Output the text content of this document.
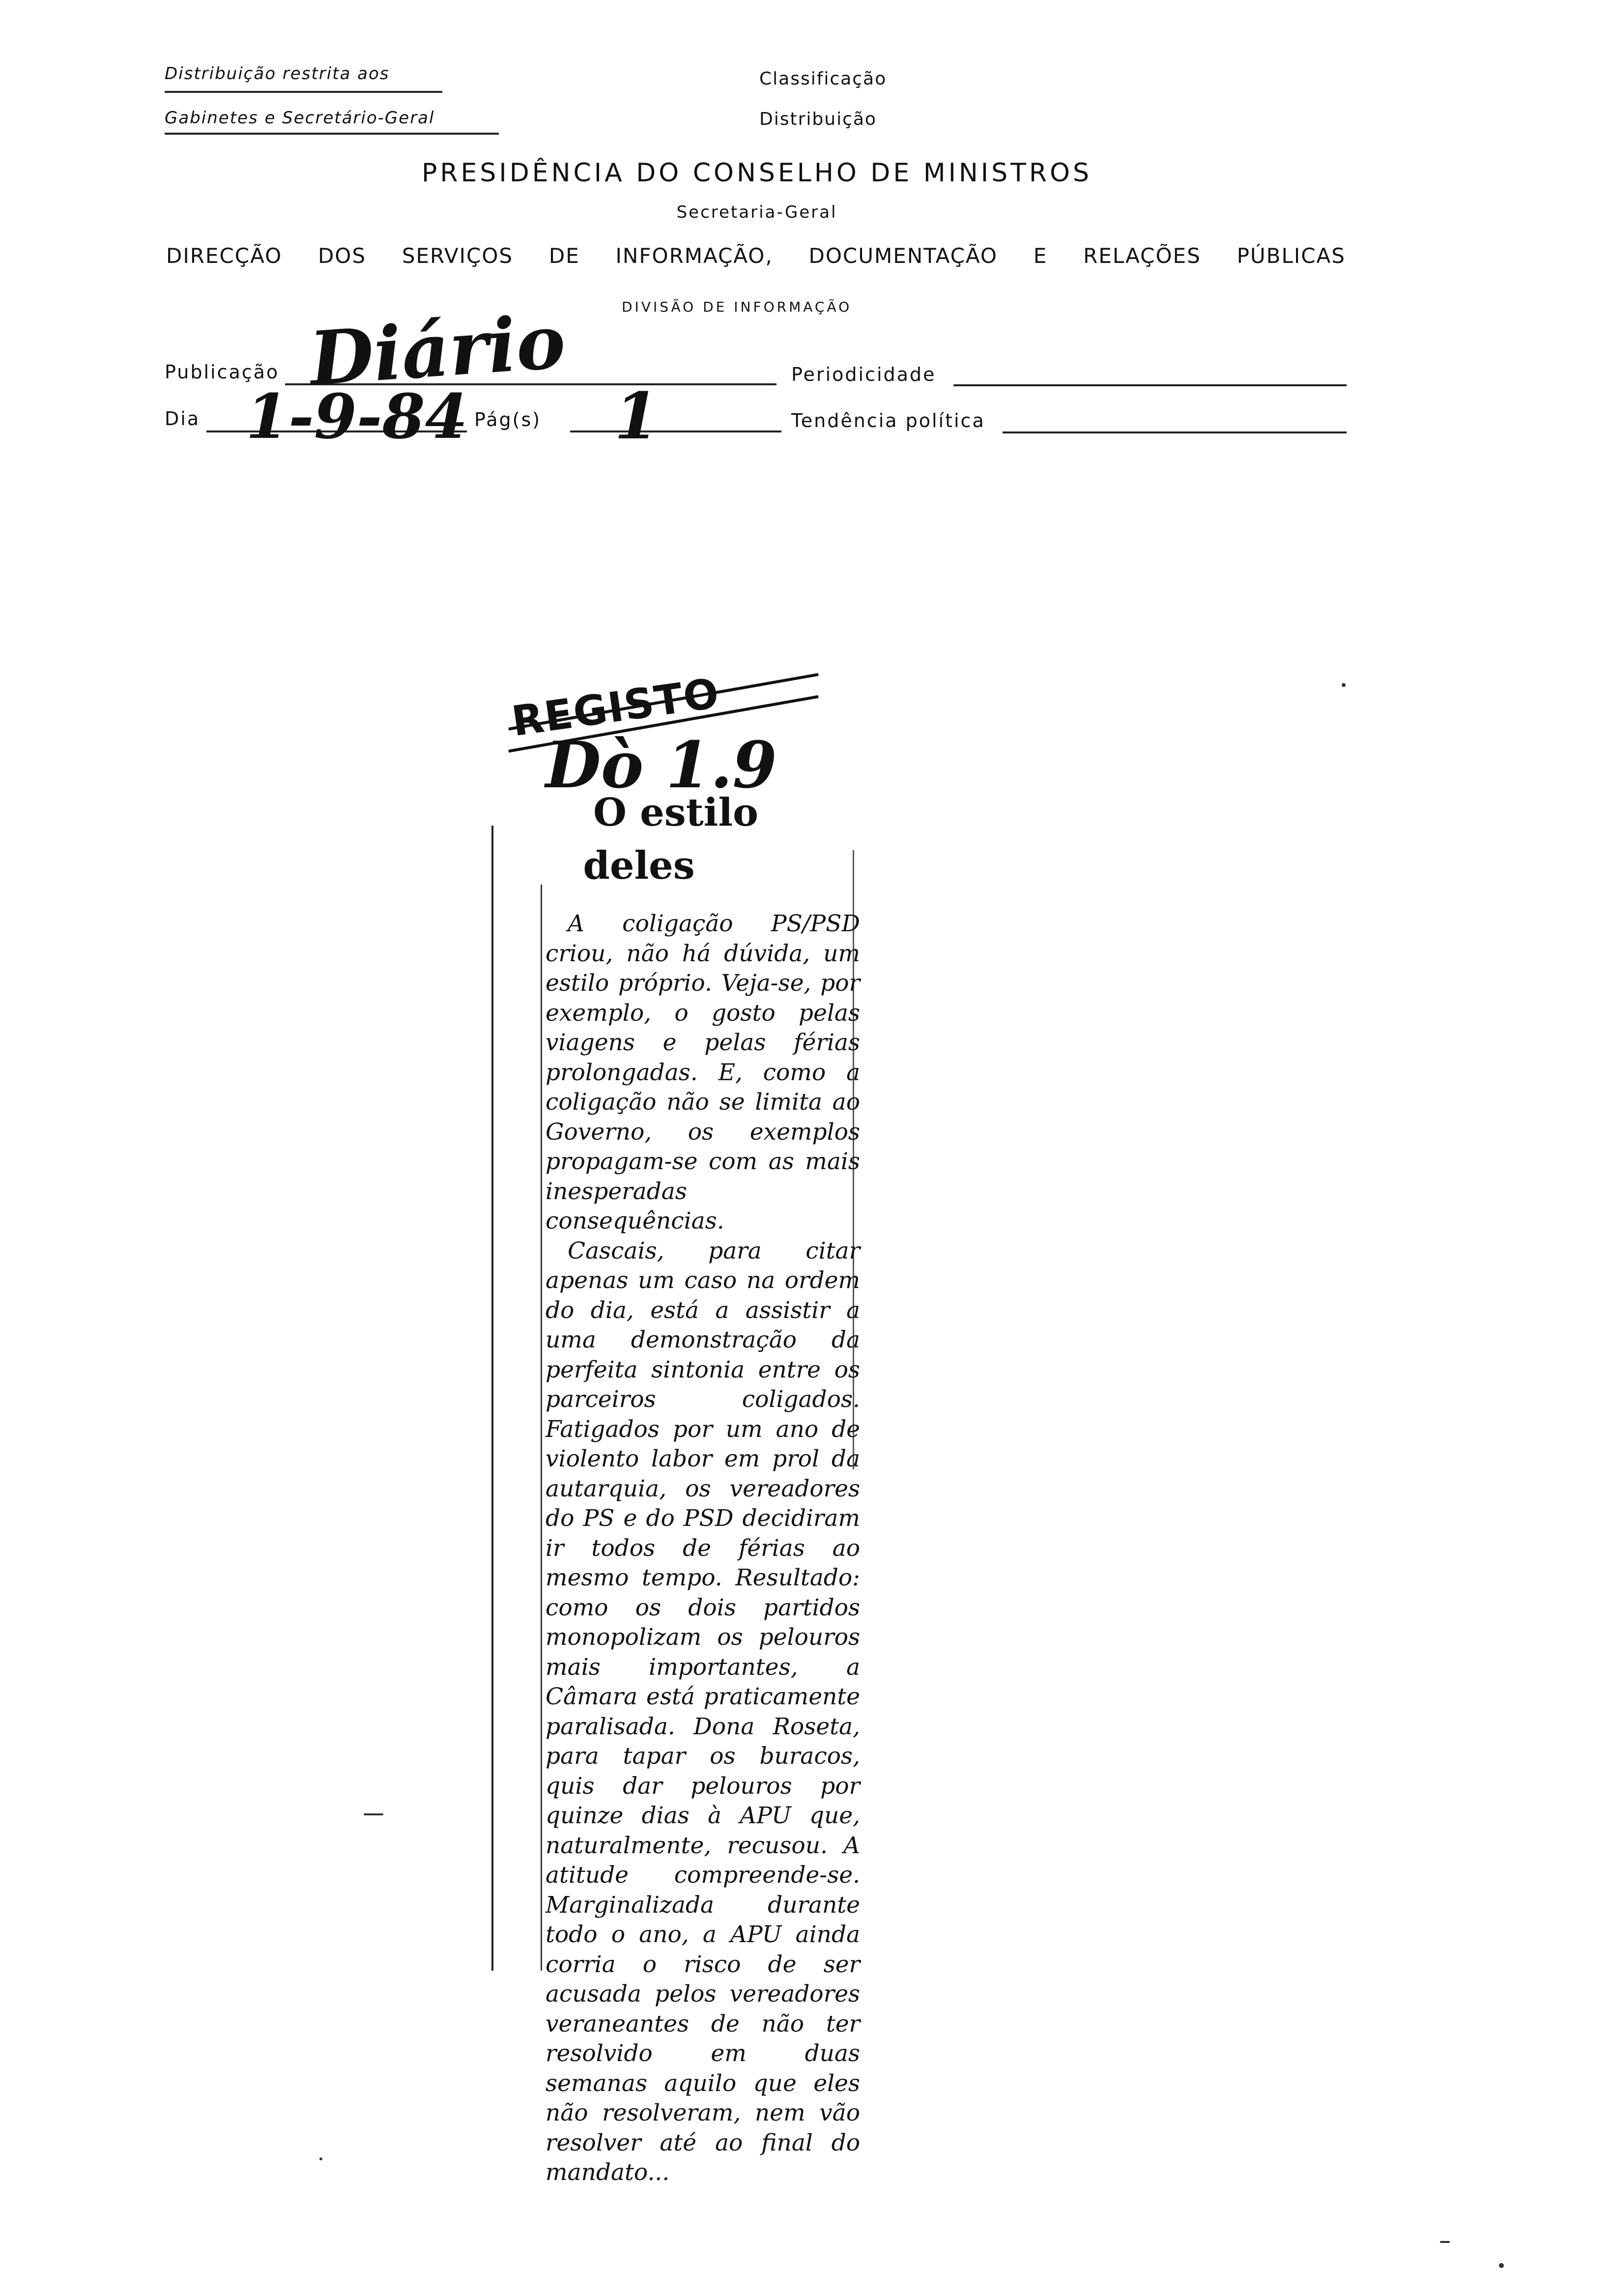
Distribuição restrita aos
Gabinetes e Secretário-Geral
Classificação
Distribuição
PRESIDÊNCIA DO CONSELHO DE MINISTROS
Secretaria-Geral
DIRECÇÃO DOS SERVIÇOS DE INFORMAÇÃO, DOCUMENTAÇÃO E RELAÇÕES PÚBLICAS
DIVISÃO DE INFORMAÇÃO
Publicação Diário	Periodicidade
Dia 1-9-84 Pág(s) 1	Tendência política
REGISTO
Dò 1.9
O estilo
deles

A coligação PS/PSD criou, não há dúvida, um estilo próprio. Veja-se, por exemplo, o gosto pelas viagens e pelas férias prolongadas. E, como a coligação não se limita ao Governo, os exemplos propagam-se com as mais inesperadas consequências.

Cascais, para citar apenas um caso na ordem do dia, está a assistir a uma demonstração da perfeita sintonia entre os parceiros coligados. Fatigados por um ano de violento labor em prol da autarquia, os vereadores do PS e do PSD decidiram ir todos de férias ao mesmo tempo. Resultado: como os dois partidos monopolizam os pelouros mais importantes, a Câmara está praticamente paralisada. Dona Roseta, para tapar os buracos, quis dar pelouros por quinze dias à APU que, naturalmente, recusou. A atitude compreende-se. Marginalizada durante todo o ano, a APU ainda corria o risco de ser acusada pelos vereadores veraneantes de não ter resolvido em duas semanas aquilo que eles não resolveram, nem vão resolver até ao final do mandato...
